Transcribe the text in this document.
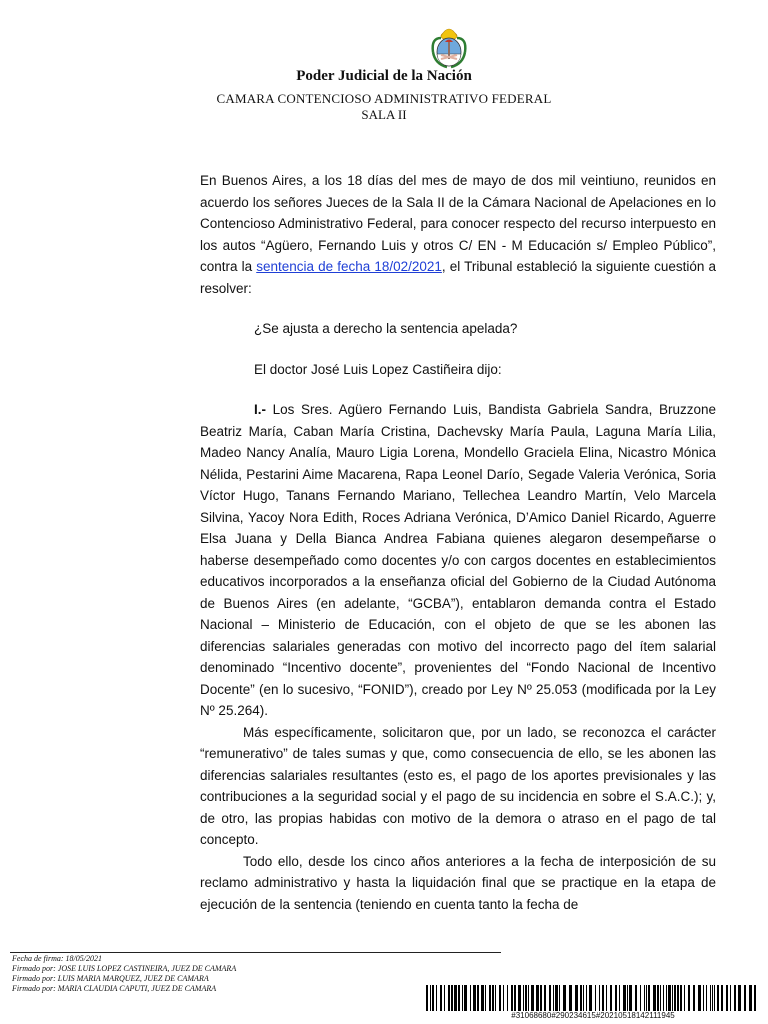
Poder Judicial de la Nación
CAMARA CONTENCIOSO ADMINISTRATIVO FEDERAL
SALA II

En Buenos Aires, a los 18 días del mes de mayo de dos mil veintiuno, reunidos en acuerdo los señores Jueces de la Sala II de la Cámara Nacional de Apelaciones en lo Contencioso Administrativo Federal, para conocer respecto del recurso interpuesto en los autos “Agüero, Fernando Luis y otros C/ EN - M Educación s/ Empleo Público”, contra la sentencia de fecha 18/02/2021, el Tribunal estableció la siguiente cuestión a resolver:

¿Se ajusta a derecho la sentencia apelada?

El doctor José Luis Lopez Castiñeira dijo:

I.- Los Sres. Agüero Fernando Luis, Bandista Gabriela Sandra, Bruzzone Beatriz María, Caban María Cristina, Dachevsky María Paula, Laguna María Lilia, Madeo Nancy Analía, Mauro Ligia Lorena, Mondello Graciela Elina, Nicastro Mónica Nélida, Pestarini Aime Macarena, Rapa Leonel Darío, Segade Valeria Verónica, Soria Víctor Hugo, Tanans Fernando Mariano, Tellechea Leandro Martín, Velo Marcela Silvina, Yacoy Nora Edith, Roces Adriana Verónica, D’Amico Daniel Ricardo, Aguerre Elsa Juana y Della Bianca Andrea Fabiana quienes alegaron desempeñarse o haberse desempeñado como docentes y/o con cargos docentes en establecimientos educativos incorporados a la enseñanza oficial del Gobierno de la Ciudad Autónoma de Buenos Aires (en adelante, “GCBA”), entablaron demanda contra el Estado Nacional – Ministerio de Educación, con el objeto de que se les abonen las diferencias salariales generadas con motivo del incorrecto pago del ítem salarial denominado “Incentivo docente”, provenientes del “Fondo Nacional de Incentivo Docente” (en lo sucesivo, “FONID”), creado por Ley Nº 25.053 (modificada por la Ley Nº 25.264).

Más específicamente, solicitaron que, por un lado, se reconozca el carácter “remunerativo” de tales sumas y que, como consecuencia de ello, se les abonen las diferencias salariales resultantes (esto es, el pago de los aportes previsionales y las contribuciones a la seguridad social y el pago de su incidencia en sobre el S.A.C.); y, de otro, las propias habidas con motivo de la demora o atraso en el pago de tal concepto.

Todo ello, desde los cinco años anteriores a la fecha de interposición de su reclamo administrativo y hasta la liquidación final que se practique en la etapa de ejecución de la sentencia (teniendo en cuenta tanto la fecha de

Fecha de firma: 18/05/2021
Firmado por: JOSE LUIS LOPEZ CASTINEIRA, JUEZ DE CAMARA
Firmado por: LUIS MARIA MARQUEZ, JUEZ DE CAMARA
Firmado por: MARIA CLAUDIA CAPUTI, JUEZ DE CAMARA
#31068680#290234615#20210518142111945
